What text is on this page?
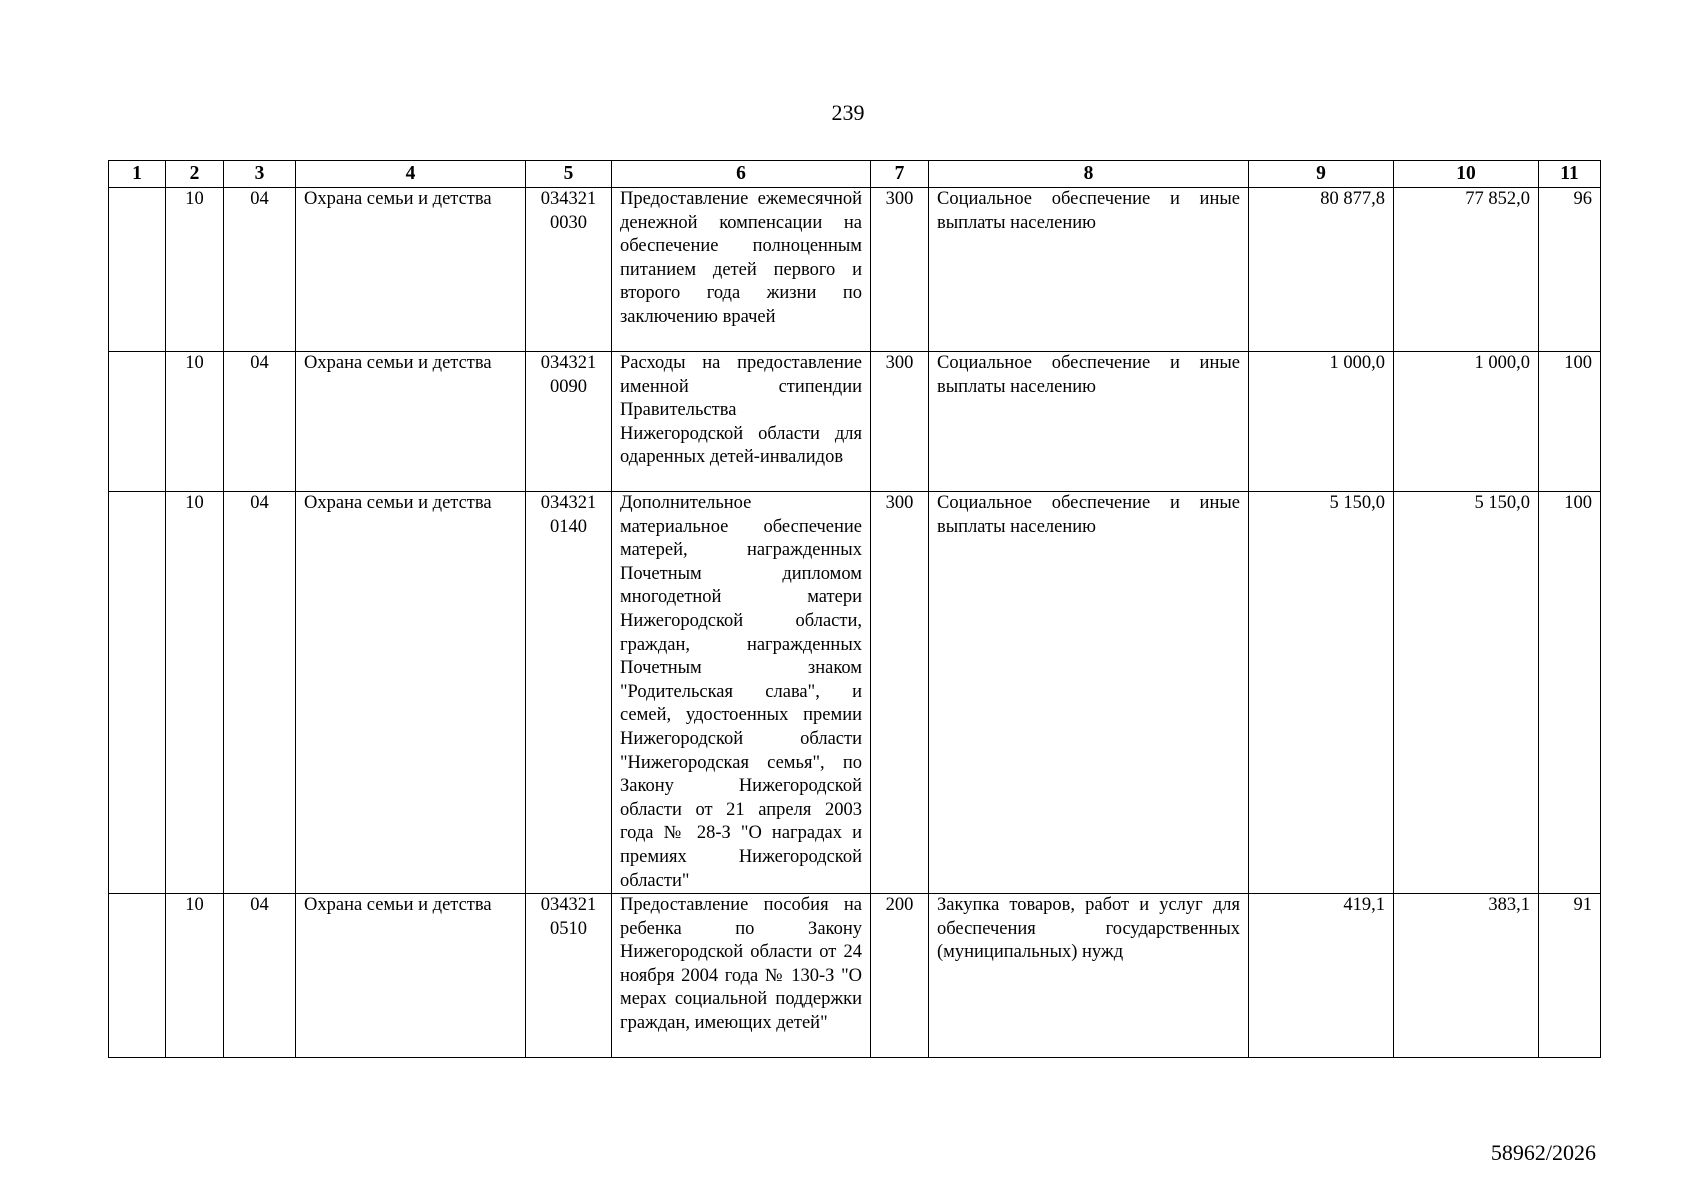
239
1	2	3	4	5	6	7	8	9	10	11
	10	04	Охрана семьи и детства	034321 0030	Предоставление ежемесячной денежной компенсации на обеспечение полноценным питанием детей первого и второго года жизни по заключению врачей	300	Социальное обеспечение и иные выплаты населению	80 877,8	77 852,0	96
	10	04	Охрана семьи и детства	034321 0090	Расходы на предоставление именной стипендии Правительства Нижегородской области для одаренных детей-инвалидов	300	Социальное обеспечение и иные выплаты населению	1 000,0	1 000,0	100
	10	04	Охрана семьи и детства	034321 0140	Дополнительное материальное обеспечение матерей, награжденных Почетным дипломом многодетной матери Нижегородской области, граждан, награжденных Почетным знаком "Родительская слава", и семей, удостоенных премии Нижегородской области "Нижегородская семья", по Закону Нижегородской области от 21 апреля 2003 года № 28-З "О наградах и премиях Нижегородской области"	300	Социальное обеспечение и иные выплаты населению	5 150,0	5 150,0	100
	10	04	Охрана семьи и детства	034321 0510	Предоставление пособия на ребенка по Закону Нижегородской области от 24 ноября 2004 года № 130-З "О мерах социальной поддержки граждан, имеющих детей"	200	Закупка товаров, работ и услуг для обеспечения государственных (муниципальных) нужд	419,1	383,1	91
58962/2026
